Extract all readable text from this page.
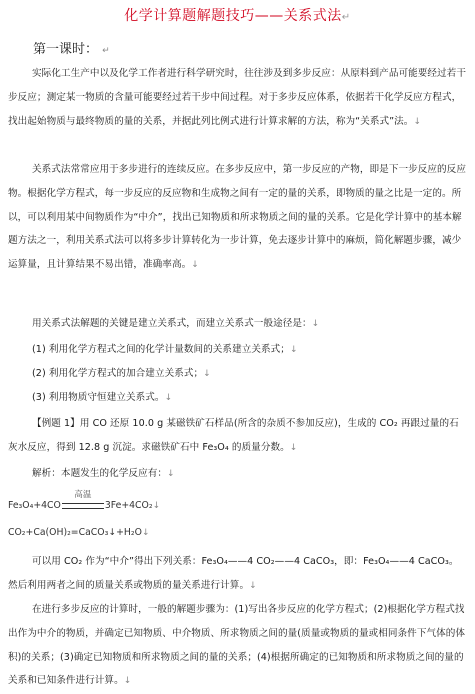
化学计算题解题技巧——关系式法↵
第一课时： ↵
实际化工生产中以及化学工作者进行科学研究时，往往涉及到多步反应：从原料到产品可能要经过若干步反应；测定某一物质的含量可能要经过若干步中间过程。对于多步反应体系，依据若干化学反应方程式，找出起始物质与最终物质的量的关系，并据此列比例式进行计算求解的方法，称为“关系式”法。↓
关系式法常常应用于多步进行的连续反应。在多步反应中，第一步反应的产物，即是下一步反应的反应物。根据化学方程式，每一步反应的反应物和生成物之间有一定的量的关系，即物质的量之比是一定的。所以，可以利用某中间物质作为“中介”，找出已知物质和所求物质之间的量的关系。它是化学计算中的基本解题方法之一，利用关系式法可以将多步计算转化为一步计算，免去逐步计算中的麻烦，简化解题步骤，减少运算量，且计算结果不易出错，准确率高。↓
用关系式法解题的关键是建立关系式，而建立关系式一般途径是：↓
(1) 利用化学方程式之间的化学计量数间的关系建立关系式；↓
(2) 利用化学方程式的加合建立关系式；↓
(3) 利用物质守恒建立关系式。↓
【例题 1】用 CO 还原 10.0 g 某磁铁矿石样品(所含的杂质不参加反应)，生成的 CO₂ 再跟过量的石灰水反应，得到 12.8 g 沉淀。求磁铁矿石中 Fe₃O₄ 的质量分数。↓
解析：本题发生的化学反应有：↓
Fe₃O₄+4CO
高温
3Fe+4CO₂↓
CO₂+Ca(OH)₂=CaCO₃↓+H₂O↓
可以用 CO₂ 作为“中介”得出下列关系：Fe₃O₄——4 CO₂——4 CaCO₃，即：Fe₃O₄——4 CaCO₃。然后利用两者之间的质量关系或物质的量关系进行计算。↓
在进行多步反应的计算时，一般的解题步骤为：(1)写出各步反应的化学方程式；(2)根据化学方程式找出作为中介的物质，并确定已知物质、中介物质、所求物质之间的量(质量或物质的量或相同条件下气体的体积)的关系；(3)确定已知物质和所求物质之间的量的关系；(4)根据所确定的已知物质和所求物质之间的量的关系和已知条件进行计算。↓
